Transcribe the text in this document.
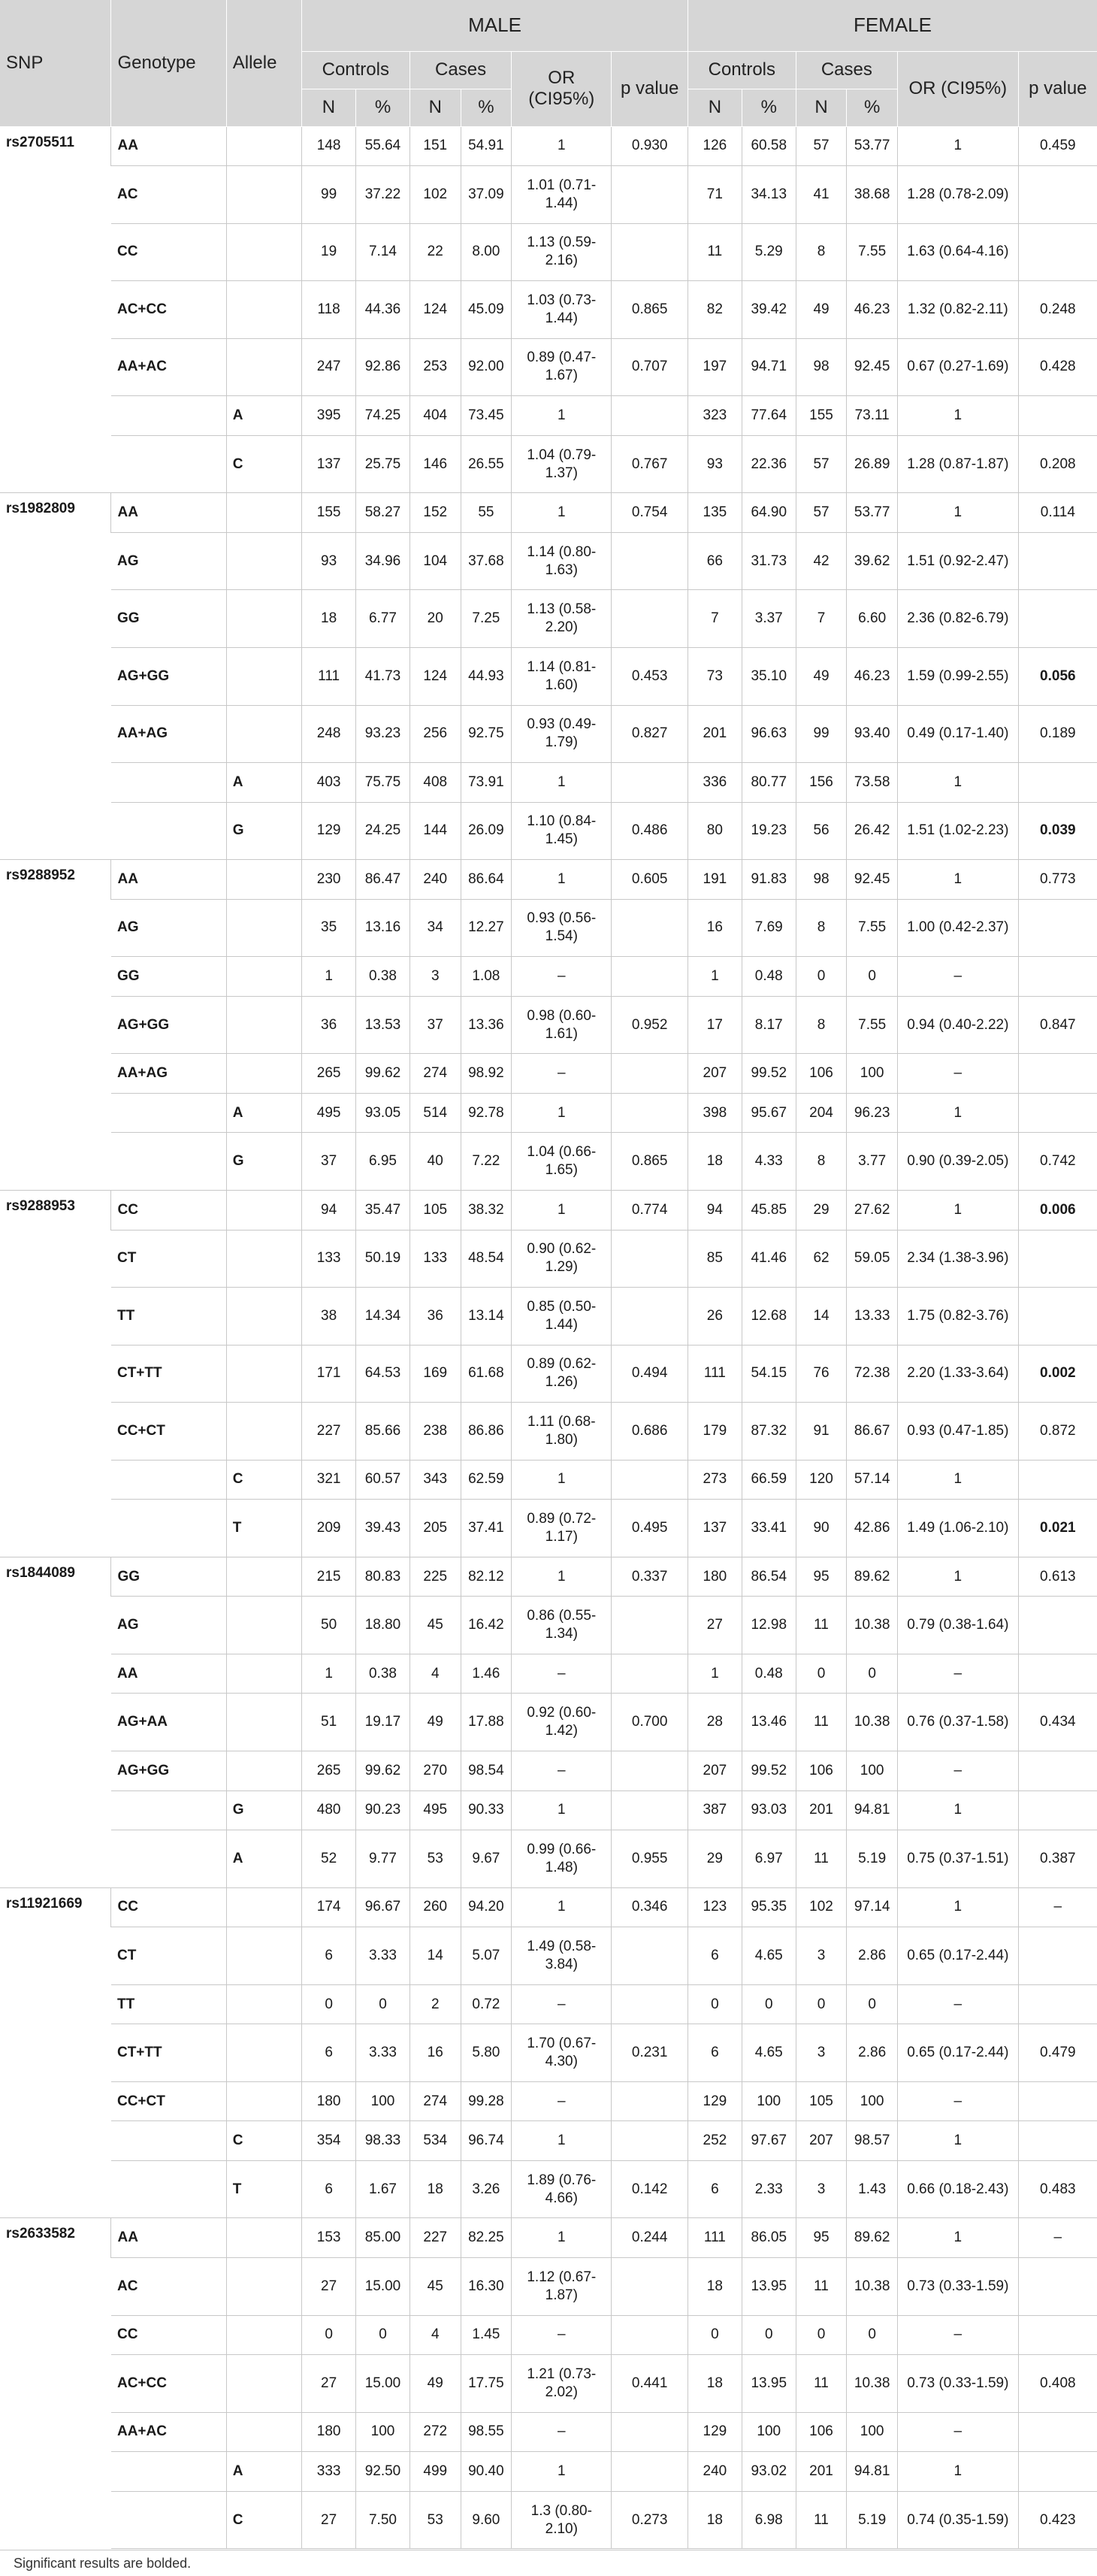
SNP	Genotype	Allele	MALE						FEMALE					
			Controls		Cases		OR (CI95%)	p value	Controls		Cases		OR (CI95%)	p value
			N	%	N	%			N	%	N	%		
rs2705511	AA		148	55.64	151	54.91	1	0.930	126	60.58	57	53.77	1	0.459
	AC		99	37.22	102	37.09	1.01 (0.71-1.44)		71	34.13	41	38.68	1.28 (0.78-2.09)	
	CC		19	7.14	22	8.00	1.13 (0.59-2.16)		11	5.29	8	7.55	1.63 (0.64-4.16)	
	AC+CC		118	44.36	124	45.09	1.03 (0.73-1.44)	0.865	82	39.42	49	46.23	1.32 (0.82-2.11)	0.248
	AA+AC		247	92.86	253	92.00	0.89 (0.47-1.67)	0.707	197	94.71	98	92.45	0.67 (0.27-1.69)	0.428
		A	395	74.25	404	73.45	1		323	77.64	155	73.11	1	
		C	137	25.75	146	26.55	1.04 (0.79-1.37)	0.767	93	22.36	57	26.89	1.28 (0.87-1.87)	0.208
rs1982809	AA		155	58.27	152	55	1	0.754	135	64.90	57	53.77	1	0.114
	AG		93	34.96	104	37.68	1.14 (0.80-1.63)		66	31.73	42	39.62	1.51 (0.92-2.47)	
	GG		18	6.77	20	7.25	1.13 (0.58-2.20)		7	3.37	7	6.60	2.36 (0.82-6.79)	
	AG+GG		111	41.73	124	44.93	1.14 (0.81-1.60)	0.453	73	35.10	49	46.23	1.59 (0.99-2.55)	0.056
	AA+AG		248	93.23	256	92.75	0.93 (0.49-1.79)	0.827	201	96.63	99	93.40	0.49 (0.17-1.40)	0.189
		A	403	75.75	408	73.91	1		336	80.77	156	73.58	1	
		G	129	24.25	144	26.09	1.10 (0.84-1.45)	0.486	80	19.23	56	26.42	1.51 (1.02-2.23)	0.039
rs9288952	AA		230	86.47	240	86.64	1	0.605	191	91.83	98	92.45	1	0.773
	AG		35	13.16	34	12.27	0.93 (0.56-1.54)		16	7.69	8	7.55	1.00 (0.42-2.37)	
	GG		1	0.38	3	1.08	–		1	0.48	0	0	–	
	AG+GG		36	13.53	37	13.36	0.98 (0.60-1.61)	0.952	17	8.17	8	7.55	0.94 (0.40-2.22)	0.847
	AA+AG		265	99.62	274	98.92	–		207	99.52	106	100	–	
		A	495	93.05	514	92.78	1		398	95.67	204	96.23	1	
		G	37	6.95	40	7.22	1.04 (0.66-1.65)	0.865	18	4.33	8	3.77	0.90 (0.39-2.05)	0.742
rs9288953	CC		94	35.47	105	38.32	1	0.774	94	45.85	29	27.62	1	0.006
	CT		133	50.19	133	48.54	0.90 (0.62-1.29)		85	41.46	62	59.05	2.34 (1.38-3.96)	
	TT		38	14.34	36	13.14	0.85 (0.50-1.44)		26	12.68	14	13.33	1.75 (0.82-3.76)	
	CT+TT		171	64.53	169	61.68	0.89 (0.62-1.26)	0.494	111	54.15	76	72.38	2.20 (1.33-3.64)	0.002
	CC+CT		227	85.66	238	86.86	1.11 (0.68-1.80)	0.686	179	87.32	91	86.67	0.93 (0.47-1.85)	0.872
		C	321	60.57	343	62.59	1		273	66.59	120	57.14	1	
		T	209	39.43	205	37.41	0.89 (0.72-1.17)	0.495	137	33.41	90	42.86	1.49 (1.06-2.10)	0.021
rs1844089	GG		215	80.83	225	82.12	1	0.337	180	86.54	95	89.62	1	0.613
	AG		50	18.80	45	16.42	0.86 (0.55-1.34)		27	12.98	11	10.38	0.79 (0.38-1.64)	
	AA		1	0.38	4	1.46	–		1	0.48	0	0	–	
	AG+AA		51	19.17	49	17.88	0.92 (0.60-1.42)	0.700	28	13.46	11	10.38	0.76 (0.37-1.58)	0.434
	AG+GG		265	99.62	270	98.54	–		207	99.52	106	100	–	
		G	480	90.23	495	90.33	1		387	93.03	201	94.81	1	
		A	52	9.77	53	9.67	0.99 (0.66-1.48)	0.955	29	6.97	11	5.19	0.75 (0.37-1.51)	0.387
rs11921669	CC		174	96.67	260	94.20	1	0.346	123	95.35	102	97.14	1	–
	CT		6	3.33	14	5.07	1.49 (0.58-3.84)		6	4.65	3	2.86	0.65 (0.17-2.44)	
	TT		0	0	2	0.72	–		0	0	0	0	–	
	CT+TT		6	3.33	16	5.80	1.70 (0.67-4.30)	0.231	6	4.65	3	2.86	0.65 (0.17-2.44)	0.479
	CC+CT		180	100	274	99.28	–		129	100	105	100	–	
		C	354	98.33	534	96.74	1		252	97.67	207	98.57	1	
		T	6	1.67	18	3.26	1.89 (0.76-4.66)	0.142	6	2.33	3	1.43	0.66 (0.18-2.43)	0.483
rs2633582	AA		153	85.00	227	82.25	1	0.244	111	86.05	95	89.62	1	–
	AC		27	15.00	45	16.30	1.12 (0.67-1.87)		18	13.95	11	10.38	0.73 (0.33-1.59)	
	CC		0	0	4	1.45	–		0	0	0	0	–	
	AC+CC		27	15.00	49	17.75	1.21 (0.73-2.02)	0.441	18	13.95	11	10.38	0.73 (0.33-1.59)	0.408
	AA+AC		180	100	272	98.55	–		129	100	106	100	–	
		A	333	92.50	499	90.40	1		240	93.02	201	94.81	1	
		C	27	7.50	53	9.60	1.3 (0.80-2.10)	0.273	18	6.98	11	5.19	0.74 (0.35-1.59)	0.423
Significant results are bolded.
